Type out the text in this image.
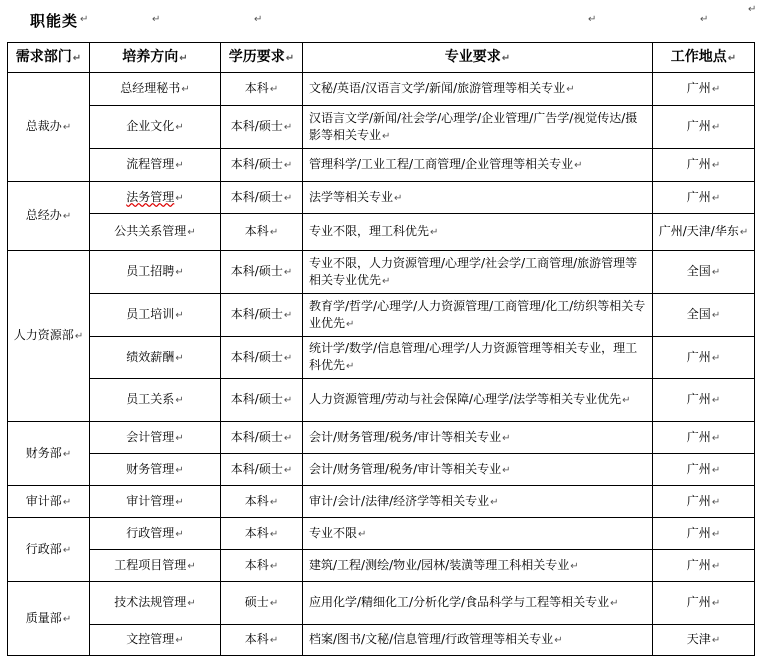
职能类 ↵	↵	↵	↵	↵
↵
需求部门↵	培养方向↵	学历要求↵	专业要求↵	工作地点↵
总裁办↵	总经理秘书↵	本科↵	文秘/英语/汉语言文学/新闻/旅游管理等相关专业↵	广州↵
	企业文化↵	本科/硕士↵	汉语言文学/新闻/社会学/心理学/企业管理/广告学/视觉传达/摄影等相关专业↵	广州↵
	流程管理↵	本科/硕士↵	管理科学/工业工程/工商管理/企业管理等相关专业↵	广州↵
总经办↵	法务管理↵	本科/硕士↵	法学等相关专业↵	广州↵
	公共关系管理↵	本科↵	专业不限，理工科优先↵	广州/天津/华东↵
人力资源部↵	员工招聘↵	本科/硕士↵	专业不限，人力资源管理/心理学/社会学/工商管理/旅游管理等相关专业优先↵	全国↵
	员工培训↵	本科/硕士↵	教育学/哲学/心理学/人力资源管理/工商管理/化工/纺织等相关专业优先↵	全国↵
	绩效薪酬↵	本科/硕士↵	统计学/数学/信息管理/心理学/人力资源管理等相关专业，理工科优先↵	广州↵
	员工关系↵	本科/硕士↵	人力资源管理/劳动与社会保障/心理学/法学等相关专业优先↵	广州↵
财务部↵	会计管理↵	本科/硕士↵	会计/财务管理/税务/审计等相关专业↵	广州↵
	财务管理↵	本科/硕士↵	会计/财务管理/税务/审计等相关专业↵	广州↵
审计部↵	审计管理↵	本科↵	审计/会计/法律/经济学等相关专业↵	广州↵
行政部↵	行政管理↵	本科↵	专业不限↵	广州↵
	工程项目管理↵	本科↵	建筑/工程/测绘/物业/园林/装潢等理工科相关专业↵	广州↵
质量部↵	技术法规管理↵	硕士↵	应用化学/精细化工/分析化学/食品科学与工程等相关专业↵	广州↵
	文控管理↵	本科↵	档案/图书/文秘/信息管理/行政管理等相关专业↵	天津↵
